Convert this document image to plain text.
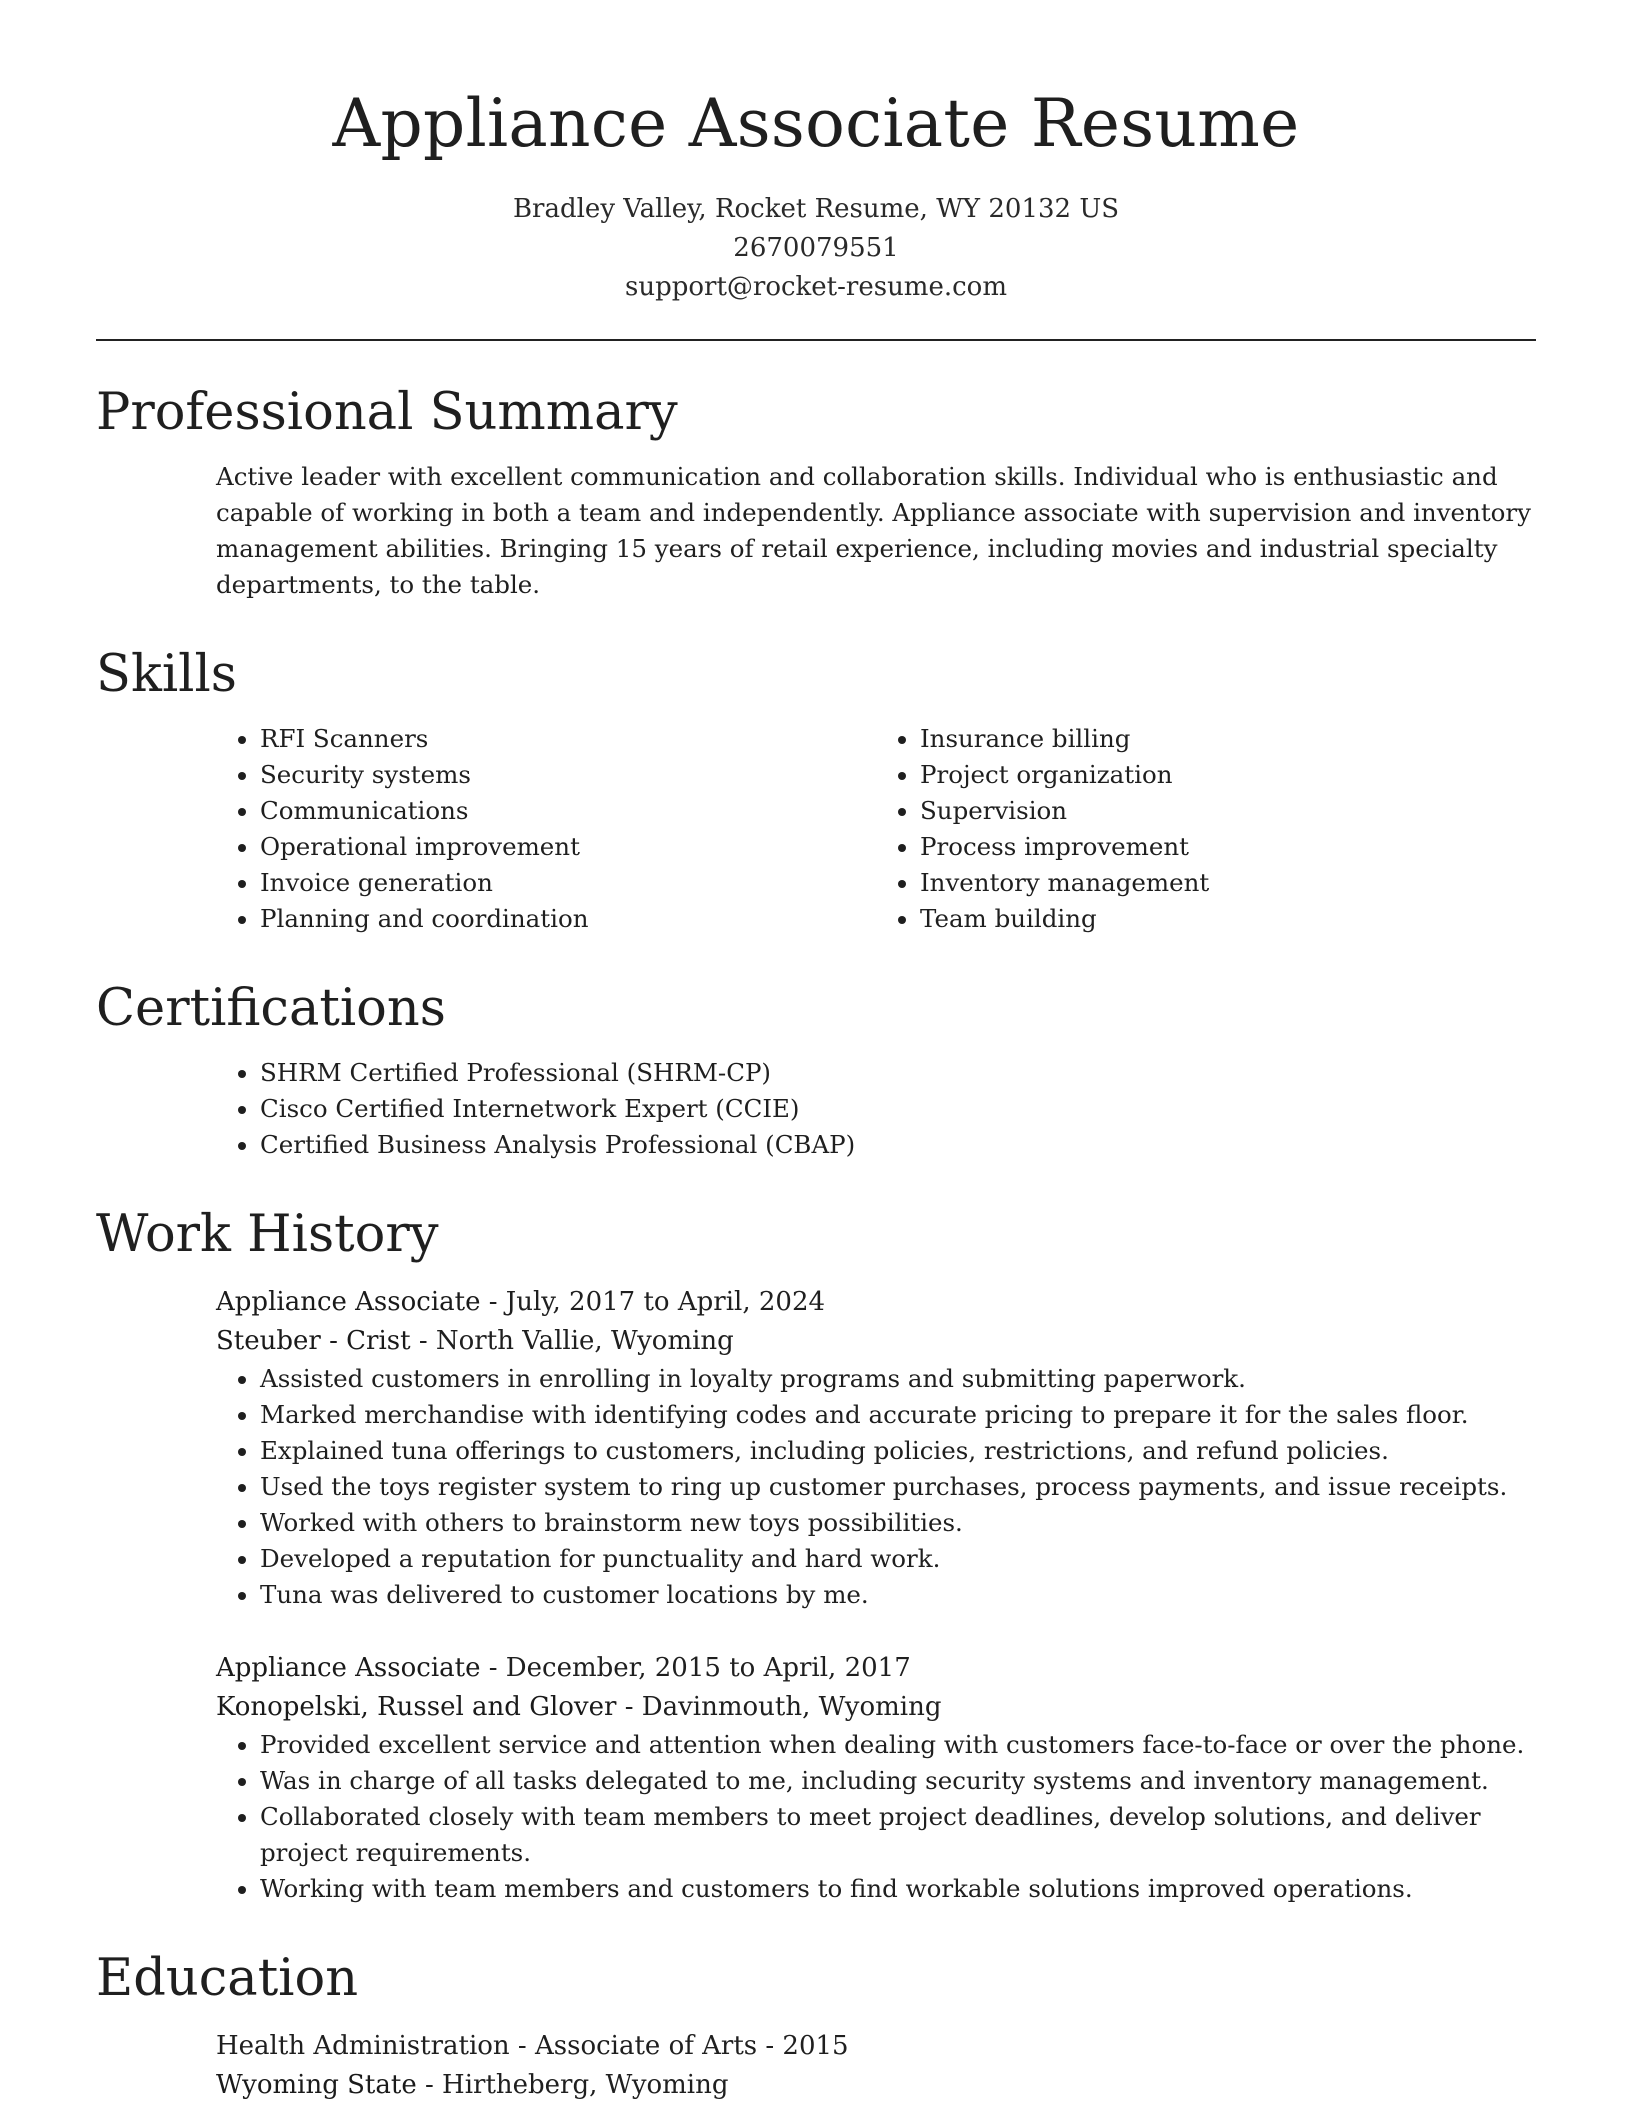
Appliance Associate Resume
Bradley Valley, Rocket Resume, WY 20132 US
2670079551
support@rocket-resume.com
Professional Summary
Active leader with excellent communication and collaboration skills. Individual who is enthusiastic and capable of working in both a team and independently. Appliance associate with supervision and inventory management abilities. Bringing 15 years of retail experience, including movies and industrial specialty departments, to the table.
Skills
• RFI Scanners
• Security systems
• Communications
• Operational improvement
• Invoice generation
• Planning and coordination
• Insurance billing
• Project organization
• Supervision
• Process improvement
• Inventory management
• Team building
Certifications
• SHRM Certified Professional (SHRM-CP)
• Cisco Certified Internetwork Expert (CCIE)
• Certified Business Analysis Professional (CBAP)
Work History
Appliance Associate - July, 2017 to April, 2024
Steuber - Crist - North Vallie, Wyoming
• Assisted customers in enrolling in loyalty programs and submitting paperwork.
• Marked merchandise with identifying codes and accurate pricing to prepare it for the sales floor.
• Explained tuna offerings to customers, including policies, restrictions, and refund policies.
• Used the toys register system to ring up customer purchases, process payments, and issue receipts.
• Worked with others to brainstorm new toys possibilities.
• Developed a reputation for punctuality and hard work.
• Tuna was delivered to customer locations by me.
Appliance Associate - December, 2015 to April, 2017
Konopelski, Russel and Glover - Davinmouth, Wyoming
• Provided excellent service and attention when dealing with customers face-to-face or over the phone.
• Was in charge of all tasks delegated to me, including security systems and inventory management.
• Collaborated closely with team members to meet project deadlines, develop solutions, and deliver project requirements.
• Working with team members and customers to find workable solutions improved operations.
Education
Health Administration - Associate of Arts - 2015
Wyoming State - Hirtheberg, Wyoming
